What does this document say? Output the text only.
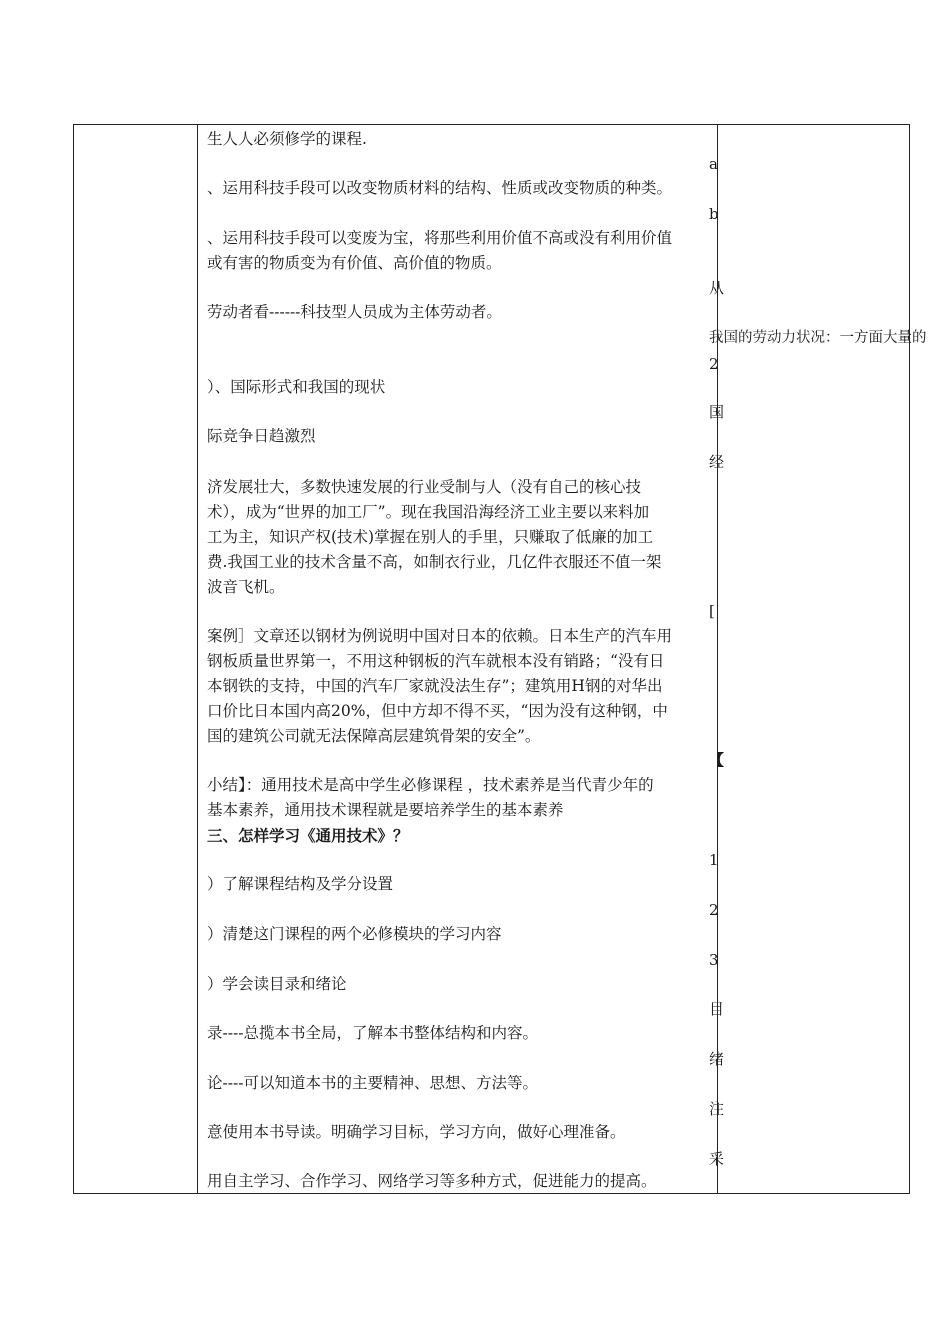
生人人必须修学的课程.

、运用科技手段可以改变物质材料的结构、性质或改变物质的种类。

、运用科技手段可以变废为宝，将那些利用价值不高或没有利用价值

或有害的物质变为有价值、高价值的物质。

劳动者看------科技型人员成为主体劳动者。

）、国际形式和我国的现状

际竞争日趋激烈

济发展壮大，多数快速发展的行业受制与人（没有自己的核心技

术），成为“世界的加工厂”。现在我国沿海经济工业主要以来料加

工为主，知识产权(技术)掌握在别人的手里，只赚取了低廉的加工

费.我国工业的技术含量不高，如制衣行业，几亿件衣服还不值一架

波音飞机。

案例］文章还以钢材为例说明中国对日本的依赖。日本生产的汽车用

钢板质量世界第一，不用这种钢板的汽车就根本没有销路；“没有日

本钢铁的支持，中国的汽车厂家就没法生存”；建筑用H钢的对华出

口价比日本国内高20%，但中方却不得不买，“因为没有这种钢，中

国的建筑公司就无法保障高层建筑骨架的安全”。

小结】：通用技术是高中学生必修课程 ，技术素养是当代青少年的

基本素养，通用技术课程就是要培养学生的基本素养

三、怎样学习《通用技术》？

）了解课程结构及学分设置

）清楚这门课程的两个必修模块的学习内容

）学会读目录和绪论

录----总揽本书全局，了解本书整体结构和内容。

论----可以知道本书的主要精神、思想、方法等。

意使用本书导读。明确学习目标，学习方向，做好心理准备。

用自主学习、合作学习、网络学习等多种方式，促进能力的提高。

a
b
从
我国的劳动力状况：一方面大量的
2
国
经
[
【
1
2
3
目
绪
注
采
